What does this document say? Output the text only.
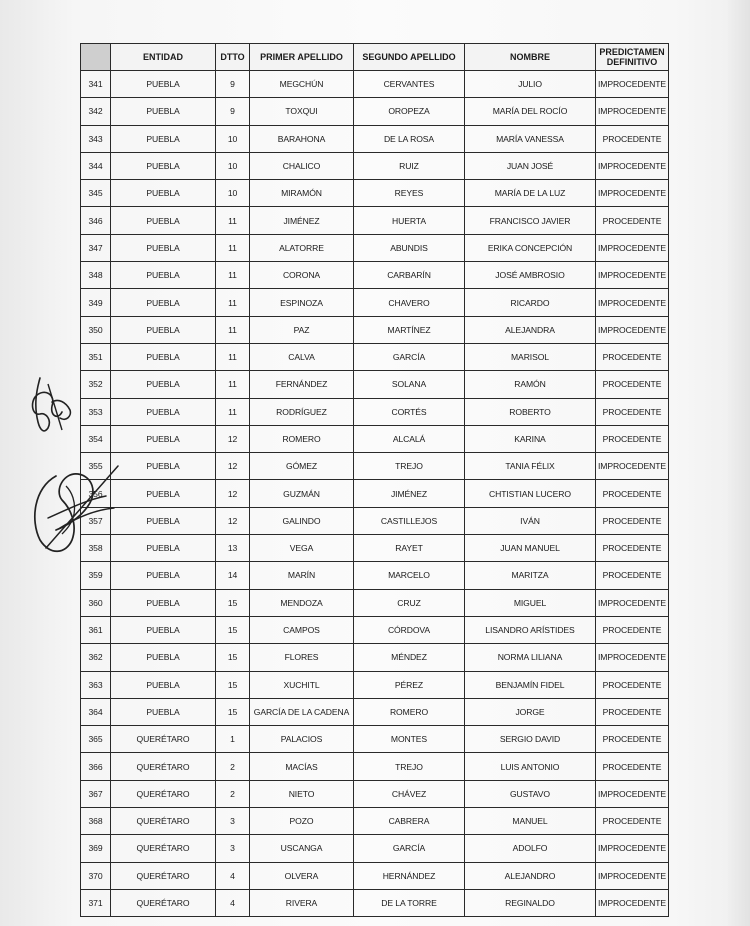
	ENTIDAD	DTTO	PRIMER APELLIDO	SEGUNDO APELLIDO	NOMBRE	PREDICTAMEN
DEFINITIVO

341	PUEBLA	9	MEGCHÚN	CERVANTES	JULIO	IMPROCEDENTE
342	PUEBLA	9	TOXQUI	OROPEZA	MARÍA DEL ROCÍO	IMPROCEDENTE
343	PUEBLA	10	BARAHONA	DE LA ROSA	MARÍA VANESSA	PROCEDENTE
344	PUEBLA	10	CHALICO	RUIZ	JUAN JOSÉ	IMPROCEDENTE
345	PUEBLA	10	MIRAMÓN	REYES	MARÍA DE LA LUZ	IMPROCEDENTE
346	PUEBLA	11	JIMÉNEZ	HUERTA	FRANCISCO JAVIER	PROCEDENTE
347	PUEBLA	11	ALATORRE	ABUNDIS	ERIKA CONCEPCIÓN	IMPROCEDENTE
348	PUEBLA	11	CORONA	CARBARÍN	JOSÉ AMBROSIO	IMPROCEDENTE
349	PUEBLA	11	ESPINOZA	CHAVERO	RICARDO	IMPROCEDENTE
350	PUEBLA	11	PAZ	MARTÍNEZ	ALEJANDRA	IMPROCEDENTE
351	PUEBLA	11	CALVA	GARCÍA	MARISOL	PROCEDENTE
352	PUEBLA	11	FERNÁNDEZ	SOLANA	RAMÓN	PROCEDENTE
353	PUEBLA	11	RODRÍGUEZ	CORTÉS	ROBERTO	PROCEDENTE
354	PUEBLA	12	ROMERO	ALCALÁ	KARINA	PROCEDENTE
355	PUEBLA	12	GÓMEZ	TREJO	TANIA FÉLIX	IMPROCEDENTE
356	PUEBLA	12	GUZMÁN	JIMÉNEZ	CHTISTIAN LUCERO	PROCEDENTE
357	PUEBLA	12	GALINDO	CASTILLEJOS	IVÁN	PROCEDENTE
358	PUEBLA	13	VEGA	RAYET	JUAN MANUEL	PROCEDENTE
359	PUEBLA	14	MARÍN	MARCELO	MARITZA	PROCEDENTE
360	PUEBLA	15	MENDOZA	CRUZ	MIGUEL	IMPROCEDENTE
361	PUEBLA	15	CAMPOS	CÓRDOVA	LISANDRO ARÍSTIDES	PROCEDENTE
362	PUEBLA	15	FLORES	MÉNDEZ	NORMA LILIANA	IMPROCEDENTE
363	PUEBLA	15	XUCHITL	PÉREZ	BENJAMÍN FIDEL	PROCEDENTE
364	PUEBLA	15	GARCÍA DE LA CADENA	ROMERO	JORGE	PROCEDENTE
365	QUERÉTARO	1	PALACIOS	MONTES	SERGIO DAVID	PROCEDENTE
366	QUERÉTARO	2	MACÍAS	TREJO	LUIS ANTONIO	PROCEDENTE
367	QUERÉTARO	2	NIETO	CHÁVEZ	GUSTAVO	IMPROCEDENTE
368	QUERÉTARO	3	POZO	CABRERA	MANUEL	PROCEDENTE
369	QUERÉTARO	3	USCANGA	GARCÍA	ADOLFO	IMPROCEDENTE
370	QUERÉTARO	4	OLVERA	HERNÁNDEZ	ALEJANDRO	IMPROCEDENTE
371	QUERÉTARO	4	RIVERA	DE LA TORRE	REGINALDO	IMPROCEDENTE
